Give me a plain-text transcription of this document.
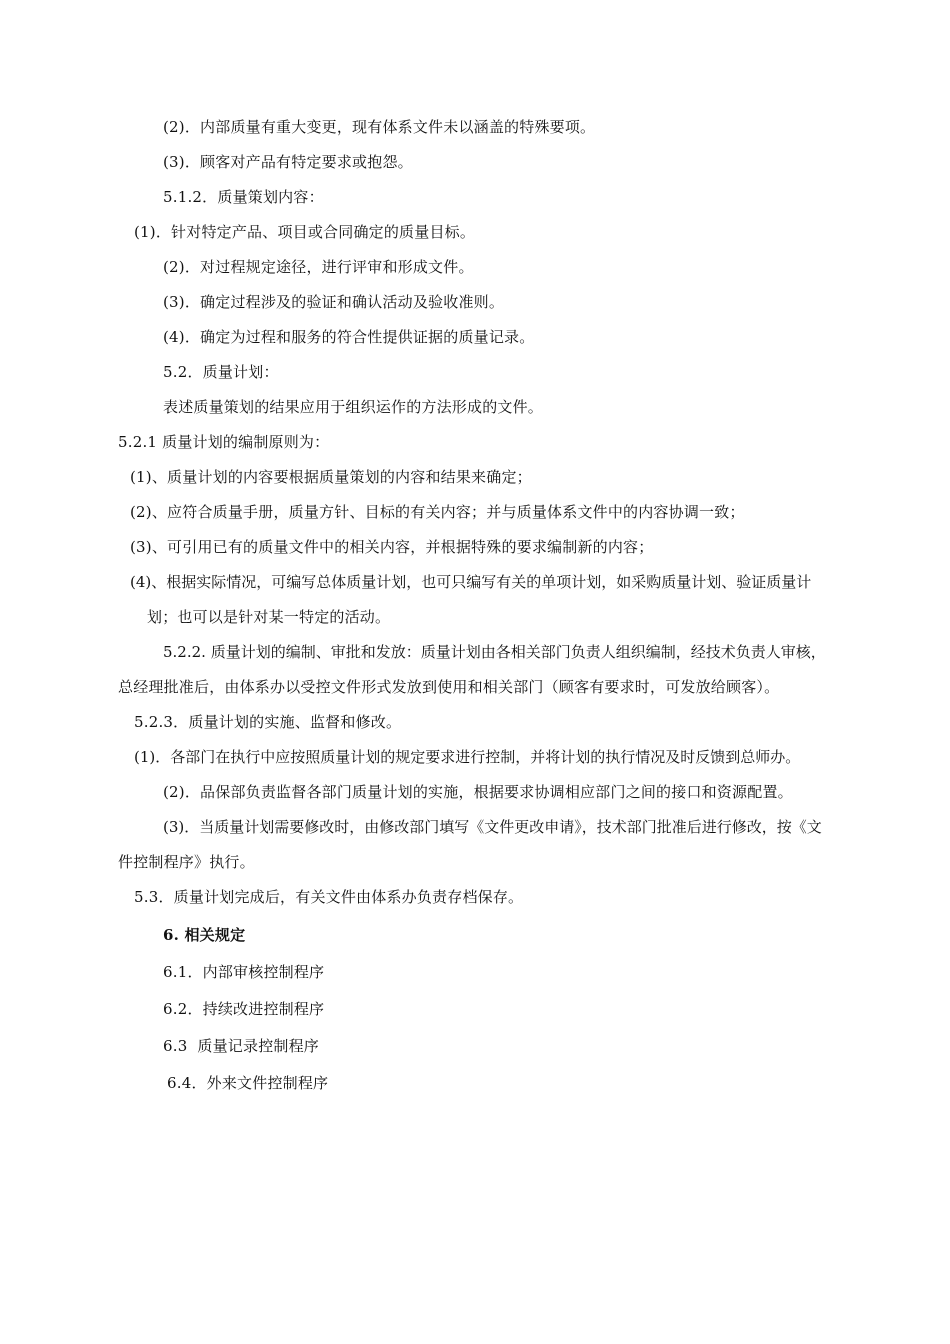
(2)．内部质量有重大变更，现有体系文件未以涵盖的特殊要项。
(3)．顾客对产品有特定要求或抱怨。
5.1.2．质量策划内容：
(1)．针对特定产品、项目或合同确定的质量目标。
(2)．对过程规定途径，进行评审和形成文件。
(3)．确定过程涉及的验证和确认活动及验收准则。
(4)．确定为过程和服务的符合性提供证据的质量记录。
5.2．质量计划：
表述质量策划的结果应用于组织运作的方法形成的文件。
5.2.1 质量计划的编制原则为：
(1)、质量计划的内容要根据质量策划的内容和结果来确定；
(2)、应符合质量手册，质量方针、目标的有关内容；并与质量体系文件中的内容协调一致；
(3)、可引用已有的质量文件中的相关内容，并根据特殊的要求编制新的内容；
(4)、根据实际情况，可编写总体质量计划，也可只编写有关的单项计划，如采购质量计划、验证质量计
划；也可以是针对某一特定的活动。
5.2.2. 质量计划的编制、审批和发放：质量计划由各相关部门负责人组织编制，经技术负责人审核，
总经理批准后，由体系办以受控文件形式发放到使用和相关部门（顾客有要求时，可发放给顾客）。
5.2.3．质量计划的实施、监督和修改。
(1)．各部门在执行中应按照质量计划的规定要求进行控制，并将计划的执行情况及时反馈到总师办。
(2)．品保部负责监督各部门质量计划的实施，根据要求协调相应部门之间的接口和资源配置。
(3)．当质量计划需要修改时，由修改部门填写《文件更改申请》，技术部门批准后进行修改，按《文
件控制程序》执行。
5.3．质量计划完成后，有关文件由体系办负责存档保存。
6. 相关规定
6.1．内部审核控制程序
6.2．持续改进控制程序
6.3  质量记录控制程序
6.4．外来文件控制程序
